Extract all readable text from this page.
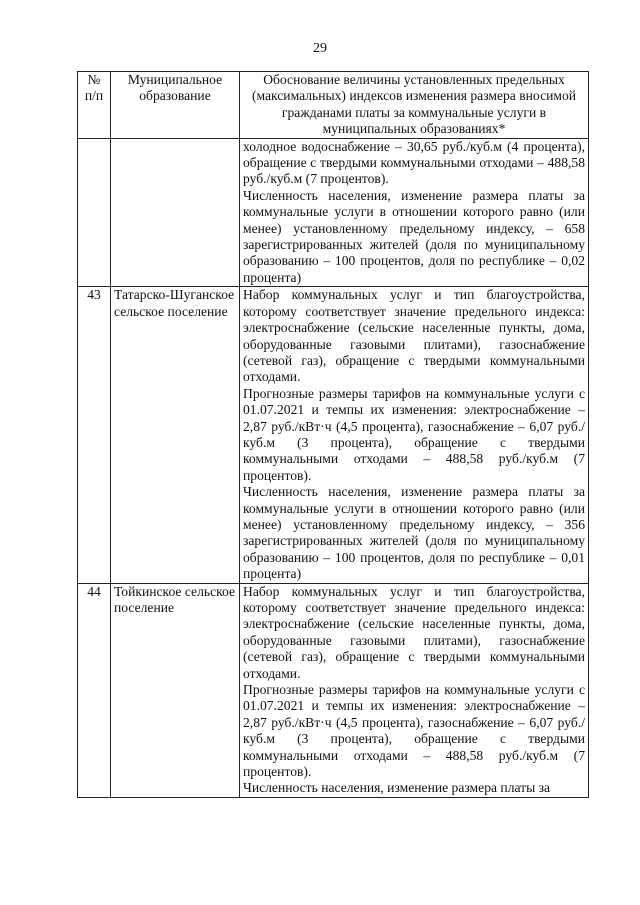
29
№ п/п	Муниципальное образование	Обоснование величины установленных предельных (максимальных) индексов изменения размера вносимой гражданами платы за коммунальные услуги в муниципальных образованиях*

		холодное водоснабжение – 30,65 руб./куб.м (4 процента), обращение с твердыми коммунальными отходами – 488,58 руб./куб.м (7 процентов).
Численность населения, изменение размера платы за коммунальные услуги в отношении которого равно (или менее) установленному предельному индексу, – 658 зарегистрированных жителей (доля по муниципальному образованию – 100 процентов, доля по республике – 0,02 процента)

43	Татарско-Шуганское сельское поселение	Набор коммунальных услуг и тип благоустройства, которому соответствует значение предельного индекса: электроснабжение (сельские населенные пункты, дома, оборудованные газовыми плитами), газоснабжение (сетевой газ), обращение с твердыми коммунальными отходами.
Прогнозные размеры тарифов на коммунальные услуги с 01.07.2021 и темпы их изменения: электроснабжение – 2,87 руб./кВт·ч (4,5 процента), газоснабжение – 6,07 руб./куб.м (3 процента), обращение с твердыми коммунальными отходами – 488,58 руб./куб.м (7 процентов).
Численность населения, изменение размера платы за коммунальные услуги в отношении которого равно (или менее) установленному предельному индексу, – 356 зарегистрированных жителей (доля по муниципальному образованию – 100 процентов, доля по республике – 0,01 процента)

44	Тойкинское сельское поселение	Набор коммунальных услуг и тип благоустройства, которому соответствует значение предельного индекса: электроснабжение (сельские населенные пункты, дома, оборудованные газовыми плитами), газоснабжение (сетевой газ), обращение с твердыми коммунальными отходами.
Прогнозные размеры тарифов на коммунальные услуги с 01.07.2021 и темпы их изменения: электроснабжение – 2,87 руб./кВт·ч (4,5 процента), газоснабжение – 6,07 руб./куб.м (3 процента), обращение с твердыми коммунальными отходами – 488,58 руб./куб.м (7 процентов).
Численность населения, изменение размера платы за
